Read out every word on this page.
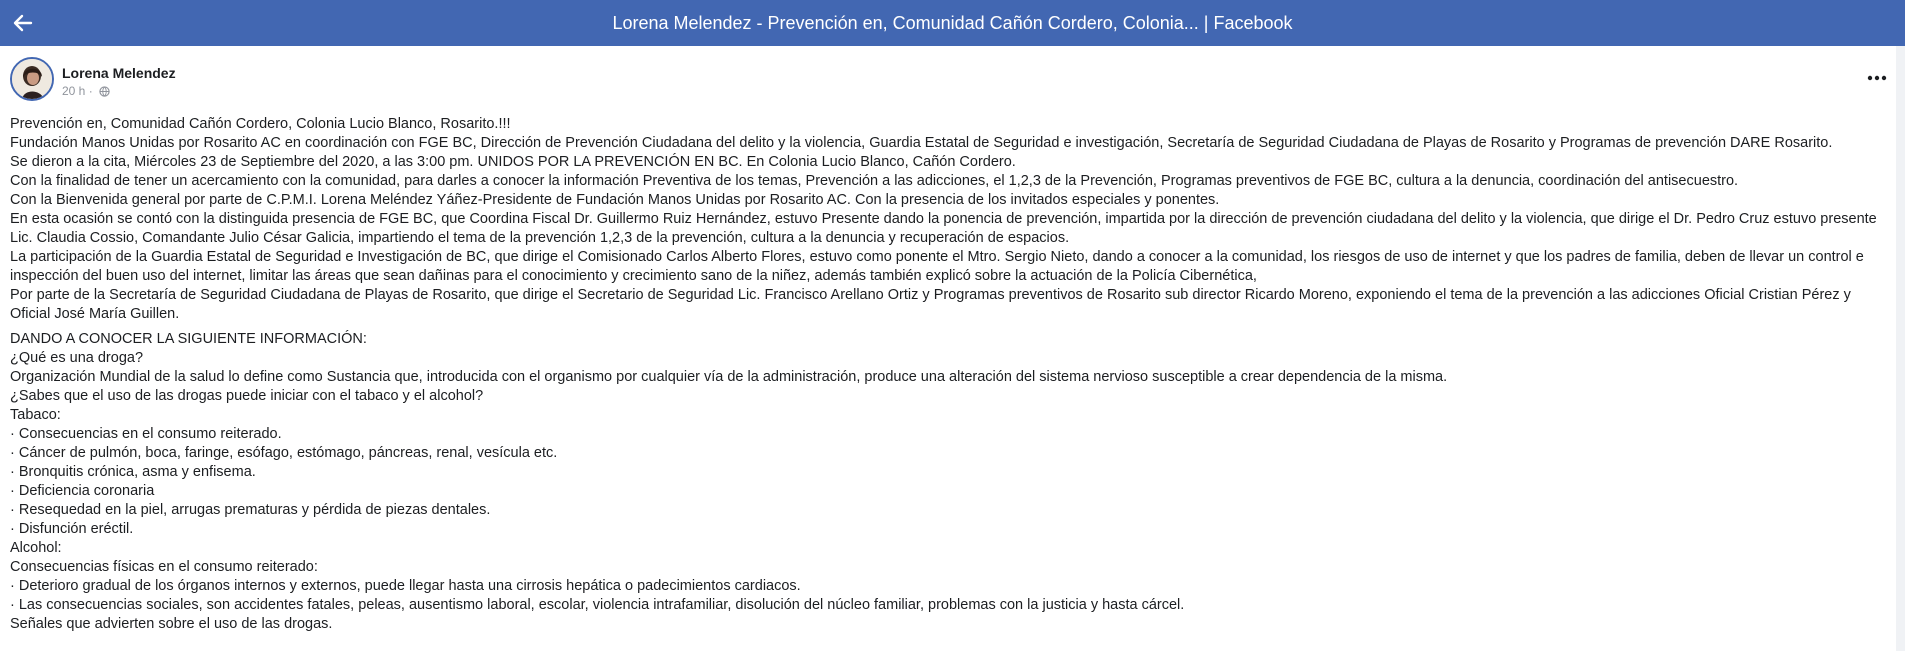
Lorena Melendez - Prevención en, Comunidad Cañón Cordero, Colonia... | Facebook
Lorena Melendez
20 h ·

Prevención en, Comunidad Cañón Cordero, Colonia Lucio Blanco, Rosarito.!!!

Fundación Manos Unidas por Rosarito AC en coordinación con FGE BC, Dirección de Prevención Ciudadana del delito y la violencia, Guardia Estatal de Seguridad e investigación, Secretaría de Seguridad Ciudadana de Playas de Rosarito y Programas de prevención DARE Rosarito.

Se dieron a la cita, Miércoles 23 de Septiembre del 2020, a las 3:00 pm. UNIDOS POR LA PREVENCIÓN EN BC. En Colonia Lucio Blanco, Cañón Cordero.

Con la finalidad de tener un acercamiento con la comunidad, para darles a conocer la información Preventiva de los temas, Prevención a las adicciones, el 1,2,3 de la Prevención, Programas preventivos de FGE BC, cultura a la denuncia, coordinación del antisecuestro.

Con la Bienvenida general por parte de C.P.M.I. Lorena Meléndez Yáñez-Presidente de Fundación Manos Unidas por Rosarito AC. Con la presencia de los invitados especiales y ponentes.

En esta ocasión se contó con la distinguida presencia de FGE BC, que Coordina Fiscal Dr. Guillermo Ruiz Hernández, estuvo Presente dando la ponencia de prevención, impartida por la dirección de prevención ciudadana del delito y la violencia, que dirige el Dr. Pedro Cruz estuvo presente Lic. Claudia Cossio, Comandante Julio César Galicia, impartiendo el tema de la prevención 1,2,3 de la prevención, cultura a la denuncia y recuperación de espacios.

La participación de la Guardia Estatal de Seguridad e Investigación de BC, que dirige el Comisionado Carlos Alberto Flores, estuvo como ponente el Mtro. Sergio Nieto, dando a conocer a la comunidad, los riesgos de uso de internet y que los padres de familia, deben de llevar un control e inspección del buen uso del internet, limitar las áreas que sean dañinas para el conocimiento y crecimiento sano de la niñez, además también explicó sobre la actuación de la Policía Cibernética,

Por parte de la Secretaría de Seguridad Ciudadana de Playas de Rosarito, que dirige el Secretario de Seguridad Lic. Francisco Arellano Ortiz y Programas preventivos de Rosarito sub director Ricardo Moreno, exponiendo el tema de la prevención a las adicciones Oficial Cristian Pérez y Oficial José María Guillen.

DANDO A CONOCER LA SIGUIENTE INFORMACIÓN:

¿Qué es una droga?

Organización Mundial de la salud lo define como Sustancia que, introducida con el organismo por cualquier vía de la administración, produce una alteración del sistema nervioso susceptible a crear dependencia de la misma.

¿Sabes que el uso de las drogas puede iniciar con el tabaco y el alcohol?

Tabaco:

· Consecuencias en el consumo reiterado.

· Cáncer de pulmón, boca, faringe, esófago, estómago, páncreas, renal, vesícula etc.

· Bronquitis crónica, asma y enfisema.

· Deficiencia coronaria

· Resequedad en la piel, arrugas prematuras y pérdida de piezas dentales.

· Disfunción eréctil.

Alcohol:

Consecuencias físicas en el consumo reiterado:

· Deterioro gradual de los órganos internos y externos, puede llegar hasta una cirrosis hepática o padecimientos cardiacos.

· Las consecuencias sociales, son accidentes fatales, peleas, ausentismo laboral, escolar, violencia intrafamiliar, disolución del núcleo familiar, problemas con la justicia y hasta cárcel.

Señales que advierten sobre el uso de las drogas.
